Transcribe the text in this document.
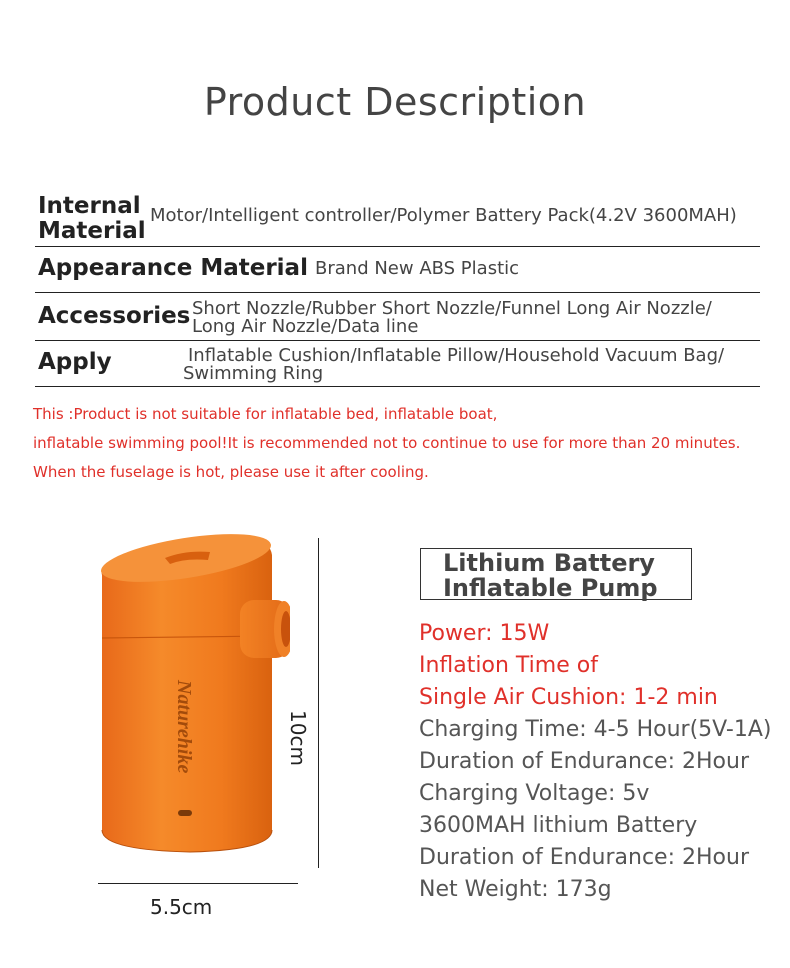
Product Description
Internal
Material
Motor/Intelligent controller/Polymer Battery Pack(4.2V 3600MAH)
Appearance Material Brand New ABS Plastic
Accessories Short Nozzle/Rubber Short Nozzle/Funnel Long Air Nozzle/
Long Air Nozzle/Data line
Apply	Inflatable Cushion/Inflatable Pillow/Household Vacuum Bag/
Swimming Ring
This :Product is not suitable for inflatable bed, inflatable boat,
inflatable swimming pool!It is recommended not to continue to use for more than 20 minutes.
When the fuselage is hot, please use it after cooling.
Naturehike	10cm
5.5cm
Lithium Battery
Inflatable Pump
Power: 15W
Inflation Time of
Single Air Cushion: 1-2 min
Charging Time: 4-5 Hour(5V-1A)
Duration of Endurance: 2Hour
Charging Voltage: 5v
3600MAH lithium Battery
Duration of Endurance: 2Hour
Net Weight: 173g
